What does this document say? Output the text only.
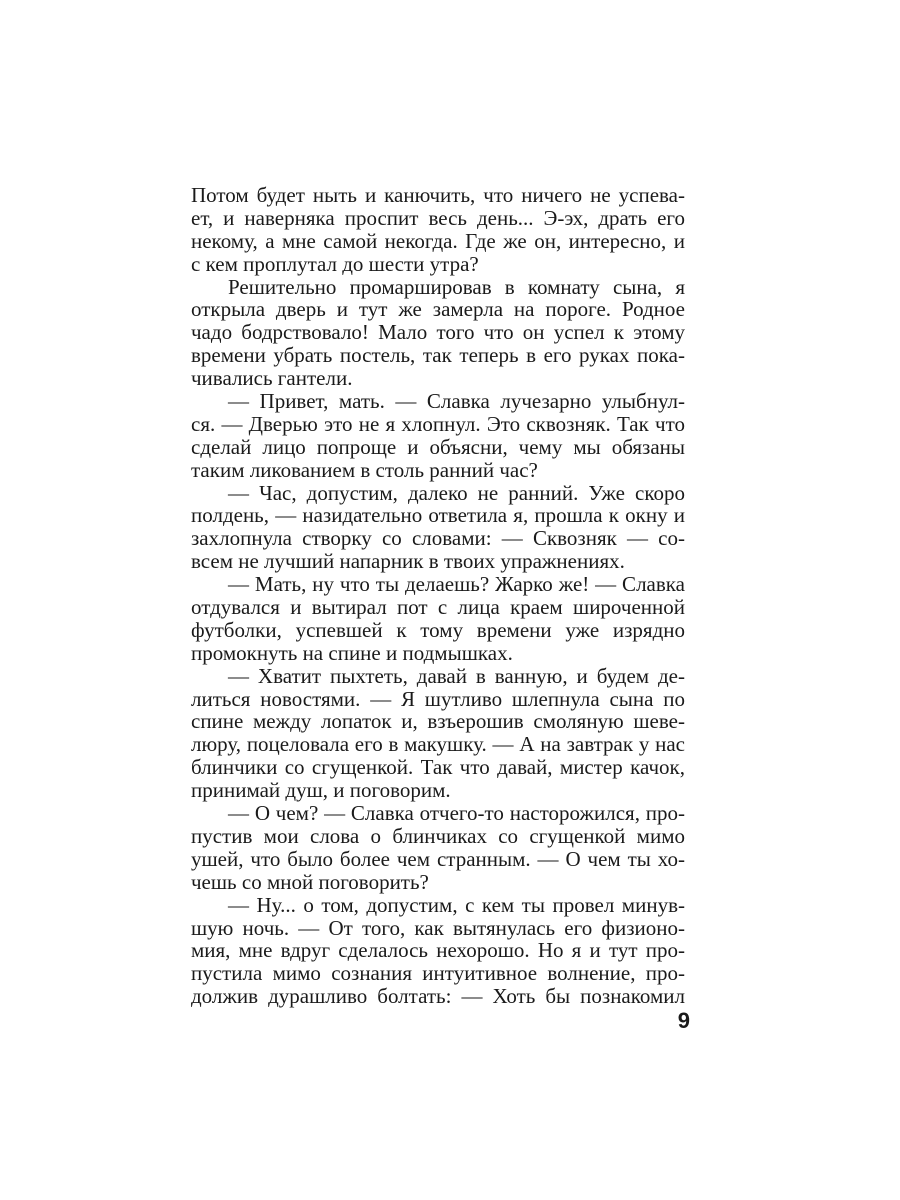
Потом будет ныть и канючить, что ничего не успева-
ет, и наверняка проспит весь день... Э-эх, драть его
некому, а мне самой некогда. Где же он, интересно, и
с кем проплутал до шести утра?
Решительно промаршировав в комнату сына, я
открыла дверь и тут же замерла на пороге. Родное
чадо бодрствовало! Мало того что он успел к этому
времени убрать постель, так теперь в его руках пока-
чивались гантели.
— Привет, мать. — Славка лучезарно улыбнул-
ся. — Дверью это не я хлопнул. Это сквозняк. Так что
сделай лицо попроще и объясни, чему мы обязаны
таким ликованием в столь ранний час?
— Час, допустим, далеко не ранний. Уже скоро
полдень, — назидательно ответила я, прошла к окну и
захлопнула створку со словами: — Сквозняк — со-
всем не лучший напарник в твоих упражнениях.
— Мать, ну что ты делаешь? Жарко же! — Славка
отдувался и вытирал пот с лица краем широченной
футболки, успевшей к тому времени уже изрядно
промокнуть на спине и подмышках.
— Хватит пыхтеть, давай в ванную, и будем де-
литься новостями. — Я шутливо шлепнула сына по
спине между лопаток и, взъерошив смоляную шеве-
люру, поцеловала его в макушку. — А на завтрак у нас
блинчики со сгущенкой. Так что давай, мистер качок,
принимай душ, и поговорим.
— О чем? — Славка отчего-то насторожился, про-
пустив мои слова о блинчиках со сгущенкой мимо
ушей, что было более чем странным. — О чем ты хо-
чешь со мной поговорить?
— Ну... о том, допустим, с кем ты провел минув-
шую ночь. — От того, как вытянулась его физионо-
мия, мне вдруг сделалось нехорошо. Но я и тут про-
пустила мимо сознания интуитивное волнение, про-
должив дурашливо болтать: — Хоть бы познакомил
9
